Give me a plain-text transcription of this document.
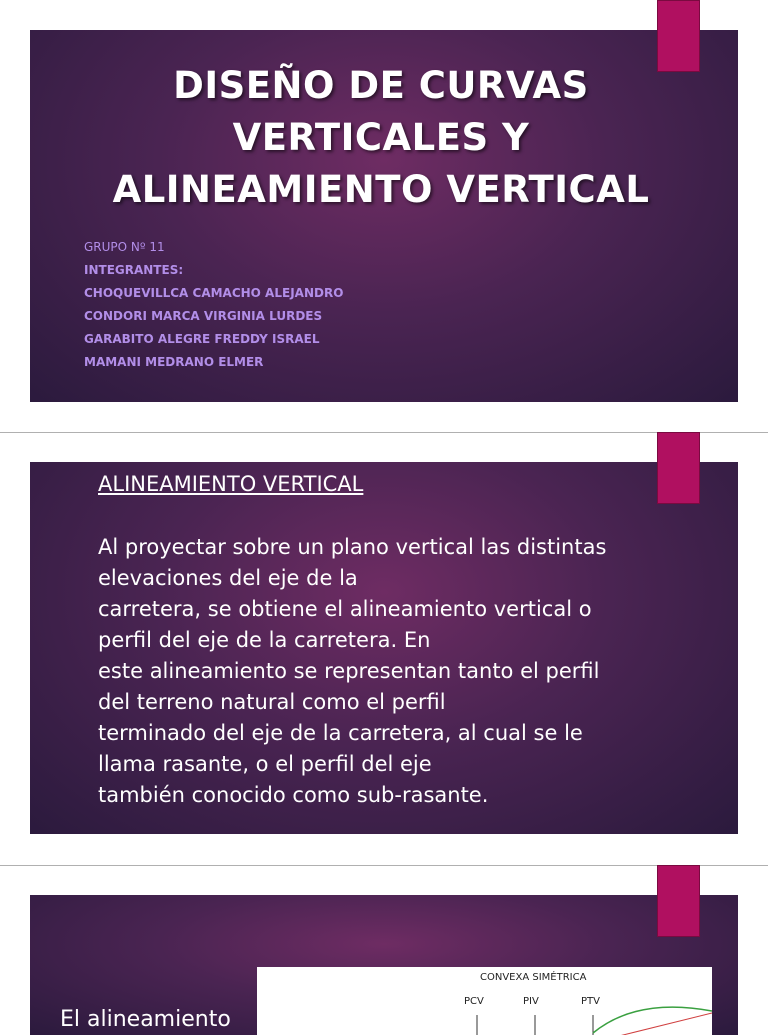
DISEÑO DE CURVAS
VERTICALES Y
ALINEAMIENTO VERTICAL
GRUPO Nº 11
INTEGRANTES:
CHOQUEVILLCA CAMACHO ALEJANDRO
CONDORI MARCA VIRGINIA LURDES
GARABITO ALEGRE FREDDY ISRAEL
MAMANI MEDRANO ELMER
ALINEAMIENTO VERTICAL
Al proyectar sobre un plano vertical las distintas
elevaciones del eje de la
carretera, se obtiene el alineamiento vertical o
perfil del eje de la carretera. En
este alineamiento se representan tanto el perfil
del terreno natural como el perfil
terminado del eje de la carretera, al cual se le
llama rasante, o el perfil del eje
también conocido como sub-rasante.
El alineamiento
CONVEXA SIMÉTRICA
PCV	PIV	PTV
